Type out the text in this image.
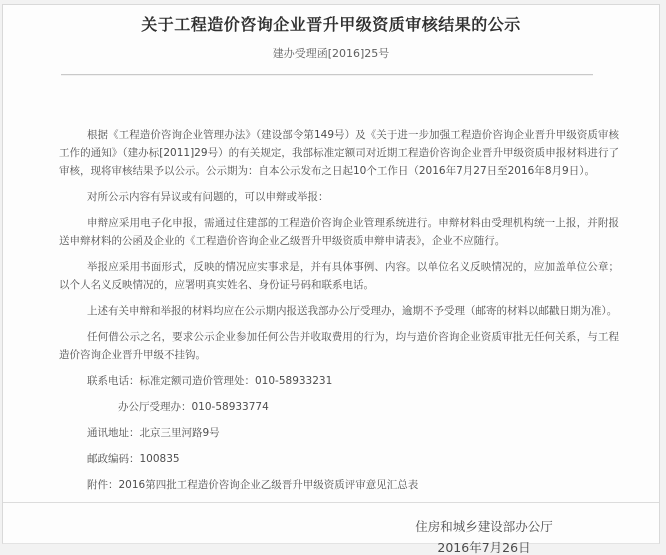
关于工程造价咨询企业晋升甲级资质审核结果的公示
建办受理函[2016]25号

根据《工程造价咨询企业管理办法》（建设部令第149号）及《关于进一步加强工程造价咨询企业晋升甲级资质审核工作的通知》（建办标[2011]29号）的有关规定，我部标准定额司对近期工程造价咨询企业晋升甲级资质申报材料进行了审核，现将审核结果予以公示。公示期为：自本公示发布之日起10个工作日（2016年7月27日至2016年8月9日）。

对所公示内容有异议或有问题的，可以申辩或举报：

申辩应采用电子化申报，需通过住建部的工程造价咨询企业管理系统进行。申辩材料由受理机构统一上报，并附报送申辩材料的公函及企业的《工程造价咨询企业乙级晋升甲级资质申辩申请表》，企业不应随行。

举报应采用书面形式，反映的情况应实事求是，并有具体事例、内容。以单位名义反映情况的，应加盖单位公章；以个人名义反映情况的，应署明真实姓名、身份证号码和联系电话。

上述有关申辩和举报的材料均应在公示期内报送我部办公厅受理办，逾期不予受理（邮寄的材料以邮戳日期为准）。

任何借公示之名，要求公示企业参加任何公告并收取费用的行为，均与造价咨询企业资质审批无任何关系，与工程造价咨询企业晋升甲级不挂钩。

联系电话：标准定额司造价管理处：010-58933231

办公厅受理办：010-58933774

通讯地址：北京三里河路9号

邮政编码：100835

附件：2016第四批工程造价咨询企业乙级晋升甲级资质评审意见汇总表

住房和城乡建设部办公厅
2016年7月26日
